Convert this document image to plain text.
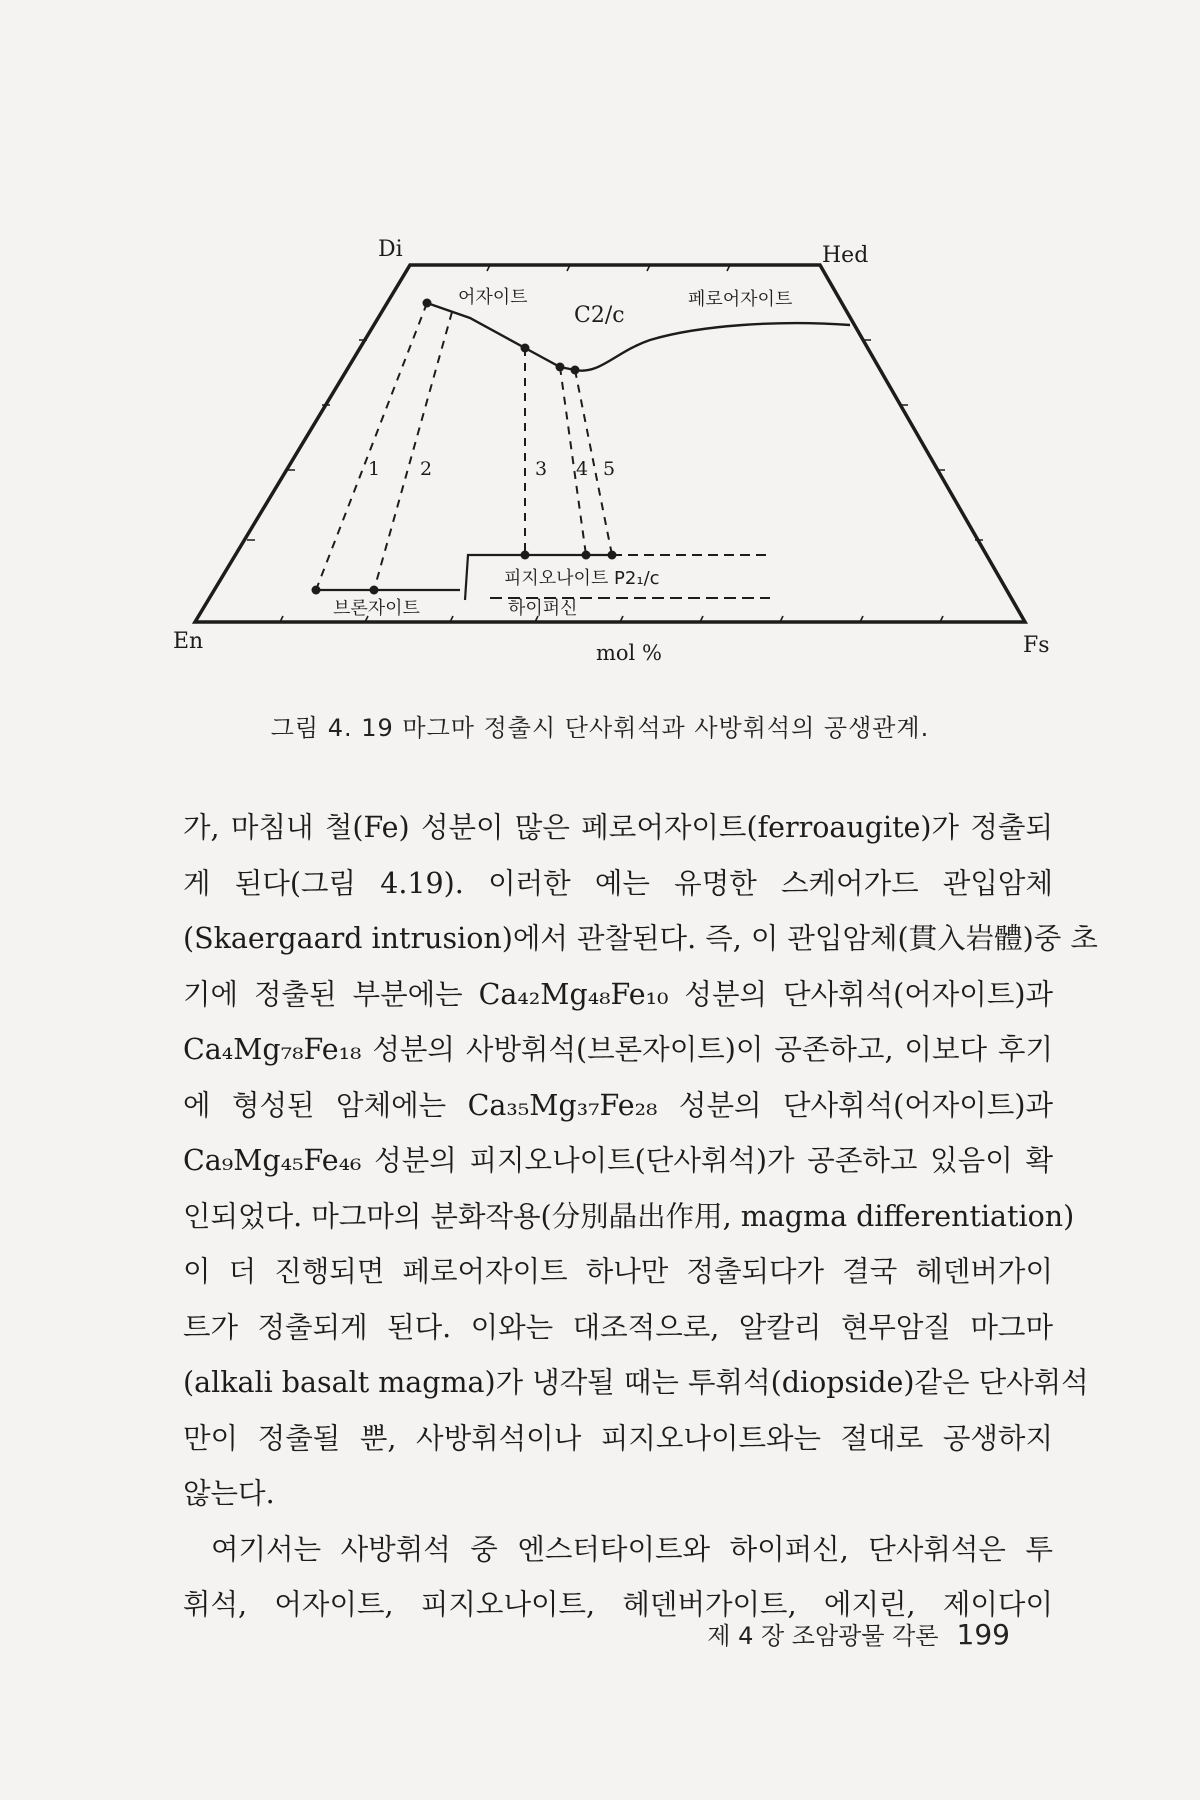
Di	Hed
En	Fs
어자이트
C2/c
페로어자이트
피지오나이트 P2₁/c
브론자이트	하이퍼신
1 2	3 4 5
mol %
그림 4. 19 마그마 정출시 단사휘석과 사방휘석의 공생관계.
가, 마침내 철(Fe) 성분이 많은 페로어자이트(ferroaugite)가 정출되
게 된다(그림 4.19). 이러한 예는 유명한 스케어가드 관입암체
(Skaergaard intrusion)에서 관찰된다. 즉, 이 관입암체(貫入岩體)중 초
기에 정출된 부분에는 Ca₄₂Mg₄₈Fe₁₀ 성분의 단사휘석(어자이트)과
Ca₄Mg₇₈Fe₁₈ 성분의 사방휘석(브론자이트)이 공존하고, 이보다 후기
에 형성된 암체에는 Ca₃₅Mg₃₇Fe₂₈ 성분의 단사휘석(어자이트)과
Ca₉Mg₄₅Fe₄₆ 성분의 피지오나이트(단사휘석)가 공존하고 있음이 확
인되었다. 마그마의 분화작용(分別晶出作用, magma differentiation)
이 더 진행되면 페로어자이트 하나만 정출되다가 결국 헤덴버가이
트가 정출되게 된다. 이와는 대조적으로, 알칼리 현무암질 마그마
(alkali basalt magma)가 냉각될 때는 투휘석(diopside)같은 단사휘석
만이 정출될 뿐, 사방휘석이나 피지오나이트와는 절대로 공생하지
않는다.
여기서는 사방휘석 중 엔스터타이트와 하이퍼신, 단사휘석은 투
휘석, 어자이트, 피지오나이트, 헤덴버가이트, 에지린, 제이다이
제 4 장 조암광물 각론 199
